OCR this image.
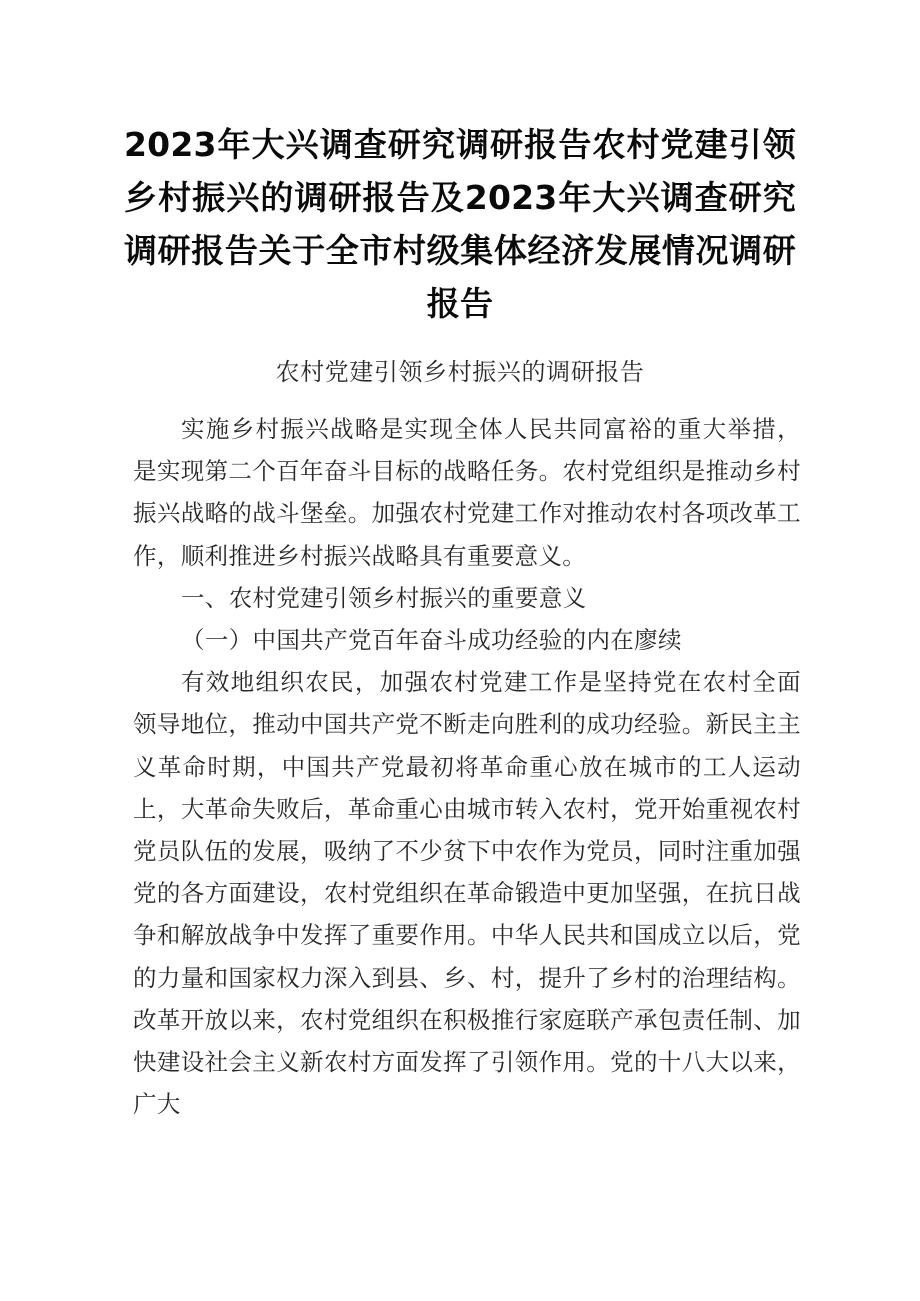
2023年大兴调查研究调研报告农村党建引领乡村振兴的调研报告及2023年大兴调查研究调研报告关于全市村级集体经济发展情况调研报告
农村党建引领乡村振兴的调研报告

实施乡村振兴战略是实现全体人民共同富裕的重大举措，是实现第二个百年奋斗目标的战略任务。农村党组织是推动乡村振兴战略的战斗堡垒。加强农村党建工作对推动农村各项改革工作，顺利推进乡村振兴战略具有重要意义。

一、农村党建引领乡村振兴的重要意义

（一）中国共产党百年奋斗成功经验的内在廖续

有效地组织农民，加强农村党建工作是坚持党在农村全面领导地位，推动中国共产党不断走向胜利的成功经验。新民主主义革命时期，中国共产党最初将革命重心放在城市的工人运动上，大革命失败后，革命重心由城市转入农村，党开始重视农村党员队伍的发展，吸纳了不少贫下中农作为党员，同时注重加强党的各方面建设，农村党组织在革命锻造中更加坚强，在抗日战争和解放战争中发挥了重要作用。中华人民共和国成立以后，党的力量和国家权力深入到县、乡、村，提升了乡村的治理结构。改革开放以来，农村党组织在积极推行家庭联产承包责任制、加快建设社会主义新农村方面发挥了引领作用。党的十八大以来，广大
